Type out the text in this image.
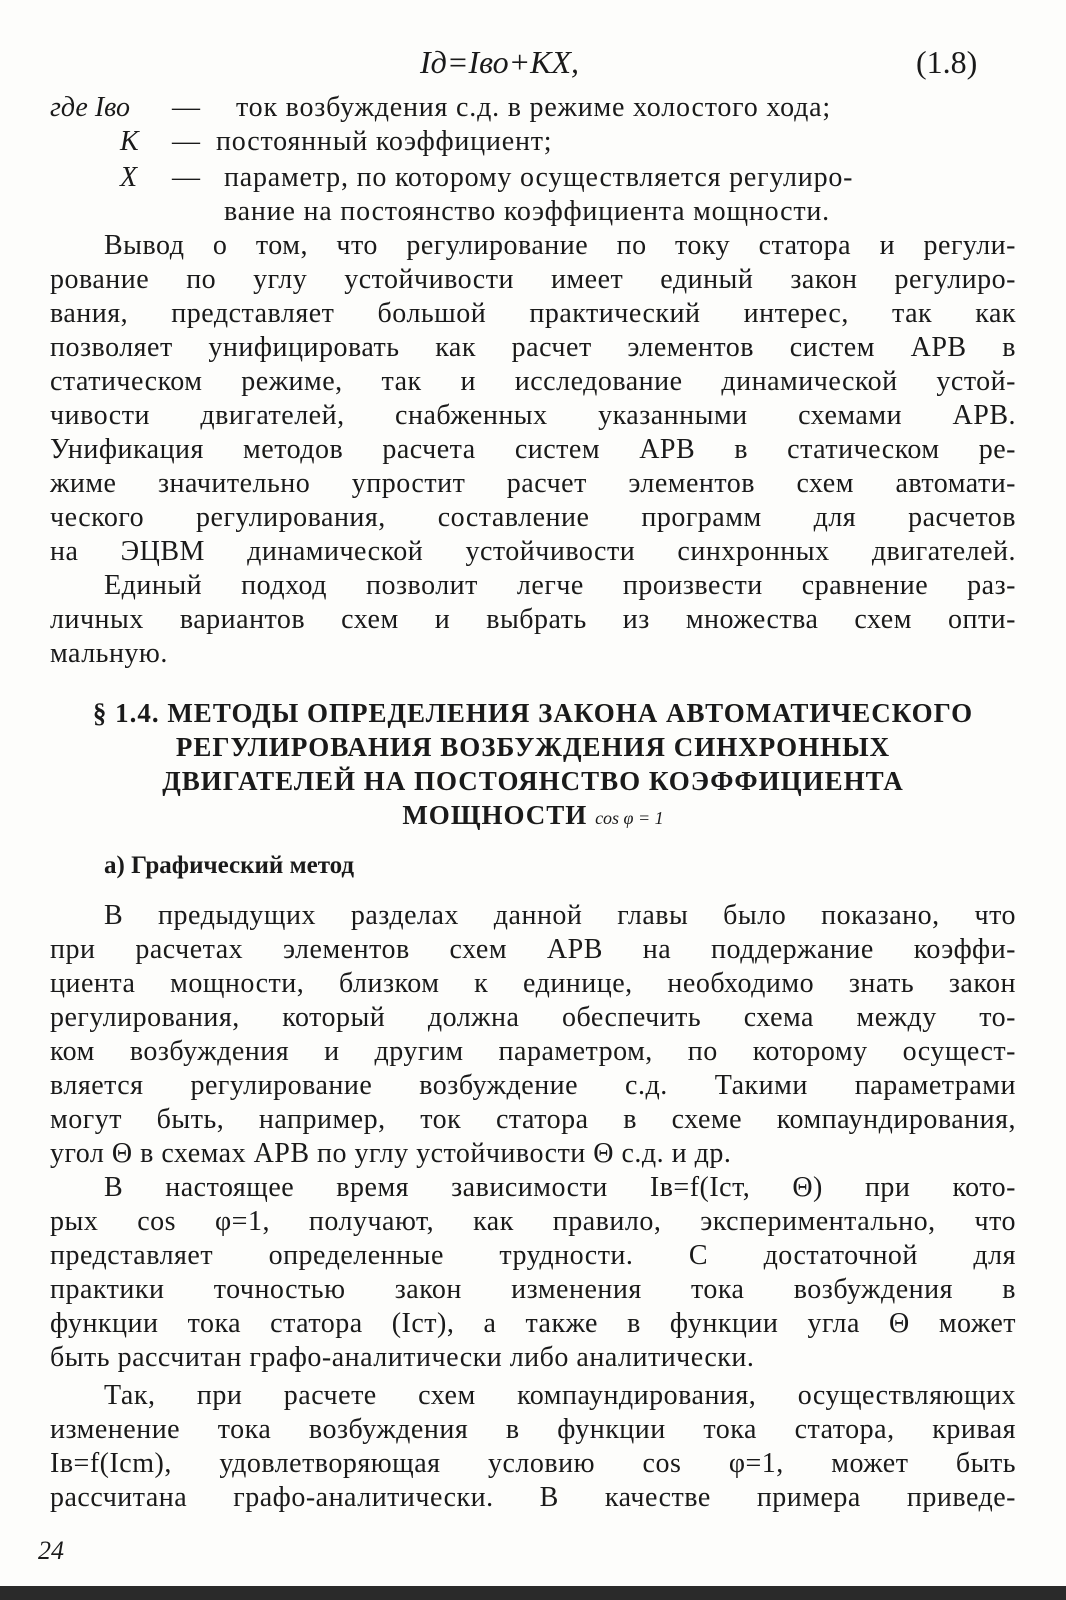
Iд=Iво+KX,	(1.8)
где Iво — ток возбуждения с.д. в режиме холостого хода;
K — постоянный коэффициент;
X — параметр, по которому осуществляется регулиро-
вание на постоянство коэффициента мощности.
Вывод о том, что регулирование по току статора и регули-
рование по углу устойчивости имеет единый закон регулиро-
вания, представляет большой практический интерес, так как
позволяет унифицировать как расчет элементов систем АРВ в
статическом режиме, так и исследование динамической устой-
чивости двигателей, снабженных указанными схемами АРВ.
Унификация методов расчета систем АРВ в статическом ре-
жиме значительно упростит расчет элементов схем автомати-
ческого регулирования, составление программ для расчетов
на ЭЦВМ динамической устойчивости синхронных двигателей.
Единый подход позволит легче произвести сравнение раз-
личных вариантов схем и выбрать из множества схем опти-
мальную.
§ 1.4. МЕТОДЫ ОПРЕДЕЛЕНИЯ ЗАКОНА АВТОМАТИЧЕСКОГО
РЕГУЛИРОВАНИЯ ВОЗБУЖДЕНИЯ СИНХРОННЫХ
ДВИГАТЕЛЕЙ НА ПОСТОЯНСТВО КОЭФФИЦИЕНТА
МОЩНОСТИ cos φ = 1
а) Графический метод
В предыдущих разделах данной главы было показано, что
при расчетах элементов схем АРВ на поддержание коэффи-
циента мощности, близком к единице, необходимо знать закон
регулирования, который должна обеспечить схема между то-
ком возбуждения и другим параметром, по которому осущест-
вляется регулирование возбуждение с.д. Такими параметрами
могут быть, например, ток статора в схеме компаундирования,
угол Θ в схемах АРВ по углу устойчивости Θ с.д. и др.
В настоящее время зависимости Iв=f(Iст, Θ) при кото-
рых cos φ=1, получают, как правило, экспериментально, что
представляет определенные трудности. С достаточной для
практики точностью закон изменения тока возбуждения в
функции тока статора (Iст), а также в функции угла Θ может
быть рассчитан графо-аналитически либо аналитически.
Так, при расчете схем компаундирования, осуществляющих
изменение тока возбуждения в функции тока статора, кривая
Iв=f(Icm), удовлетворяющая условию cos φ=1, может быть
рассчитана графо-аналитически. В качестве примера приведе-
24
